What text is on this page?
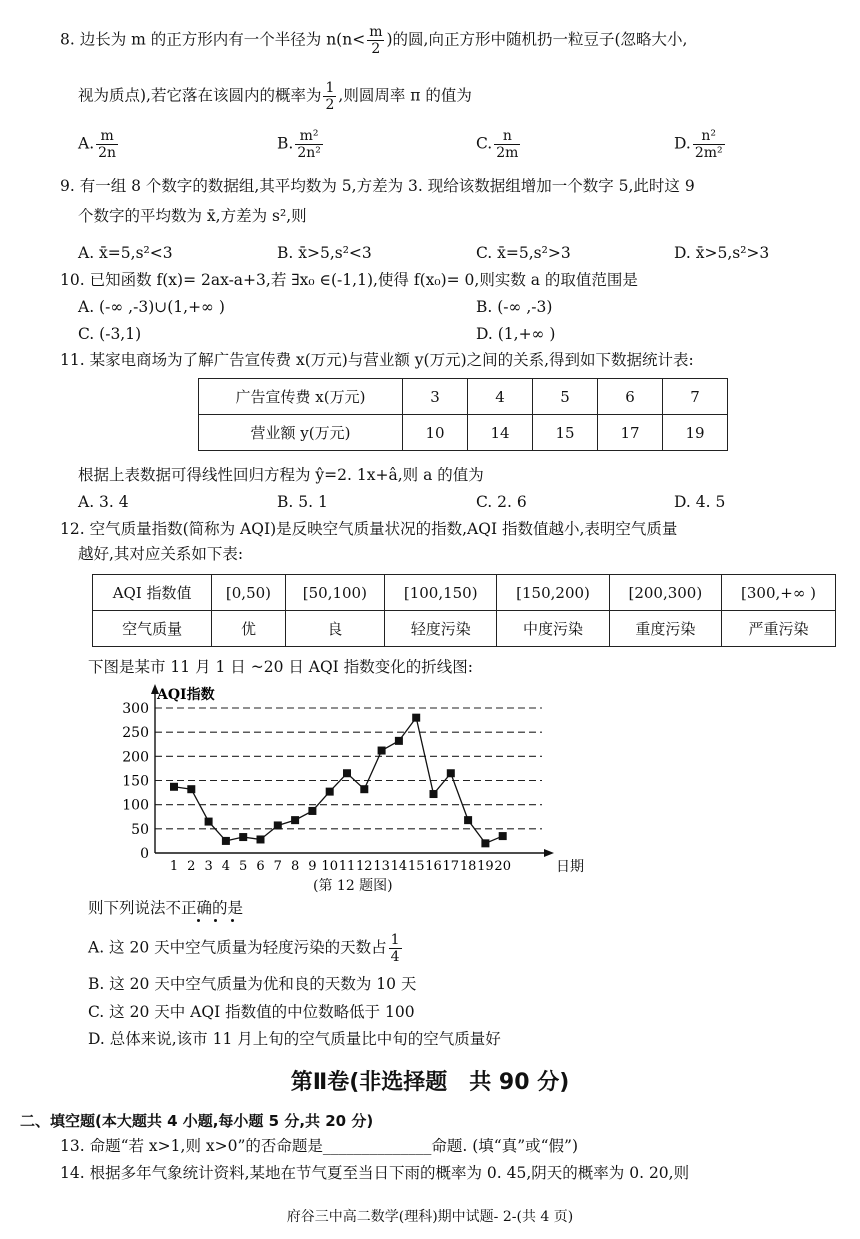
8. 边长为 m 的正方形内有一个半径为 $n(n< \frac{m}{2}$ )的圆,向正方形中随机扔一粒豆子(忽略大小,
视为质点),若它落在该圆内的概率为 $\frac{1}{2}$ ,则圆周率 π 的值为
A. $\frac{m}{2n}$	B. $\frac{\text{m²}}{\text{2n²}}$	C. $\frac{n}{2m}$	D. $\frac{\text{n²}}{\text{2m²}}$
9. 有一组 8 个数字的数据组,其平均数为 5,方差为 3. 现给该数据组增加一个数字 5,此时这 9
个数字的平均数为 x̄,方差为 s²,则
A. x̄=5,s²<3	B. x̄>5,s²<3	C. x̄=5,s²>3	D. x̄>5,s²>3
10. 已知函数 f(x)= 2ax-a+3,若 ∃x₀ ∈(-1,1),使得 f(x₀)= 0,则实数 a 的取值范围是
A. (-∞ ,-3)∪(1,+∞ )	B. (-∞ ,-3)
C. (-3,1)	D. (1,+∞ )
11. 某家电商场为了解广告宣传费 x(万元)与营业额 y(万元)之间的关系,得到如下数据统计表:
广告宣传费 x(万元)	3	4	5	6	7
营业额 y(万元)	10	14	15	17	19
根据上表数据可得线性回归方程为 ŷ=2. 1x+â,则 a 的值为
A. 3. 4	B. 5. 1	C. 2. 6	D. 4. 5
12. 空气质量指数(简称为 AQI)是反映空气质量状况的指数,AQI 指数值越小,表明空气质量
越好,其对应关系如下表:
AQI 指数值	[0,50)	[50,100)	[100,150)	[150,200)	[200,300)	[300,+∞ )
空气质量	优	良	轻度污染	中度污染	重度污染	严重污染
下图是某市 11 月 1 日 ~20 日 AQI 指数变化的折线图:
0
50
100
150
200
250
300
1 2 3 4 5 6 7 8 9 10 11 12 13 14 15 16 17 18 19 20
AQI指数
日期
(第 12 题图)
则下列说法不正确的是
A. 这 20 天中空气质量为轻度污染的天数占 $\frac{1}{4}$
B. 这 20 天中空气质量为优和良的天数为 10 天
C. 这 20 天中 AQI 指数值的中位数略低于 100
D. 总体来说,该市 11 月上旬的空气质量比中旬的空气质量好
第Ⅱ卷(非选择题　共 90 分)
二、填空题(本大题共 4 小题,每小题 5 分,共 20 分)
13. 命题“若 x>1,则 x>0”的否命题是______________命题. (填“真”或“假”)
14. 根据多年气象统计资料,某地在节气夏至当日下雨的概率为 0. 45,阴天的概率为 0. 20,则
府谷三中高二数学(理科)期中试题- 2-(共 4 页)
